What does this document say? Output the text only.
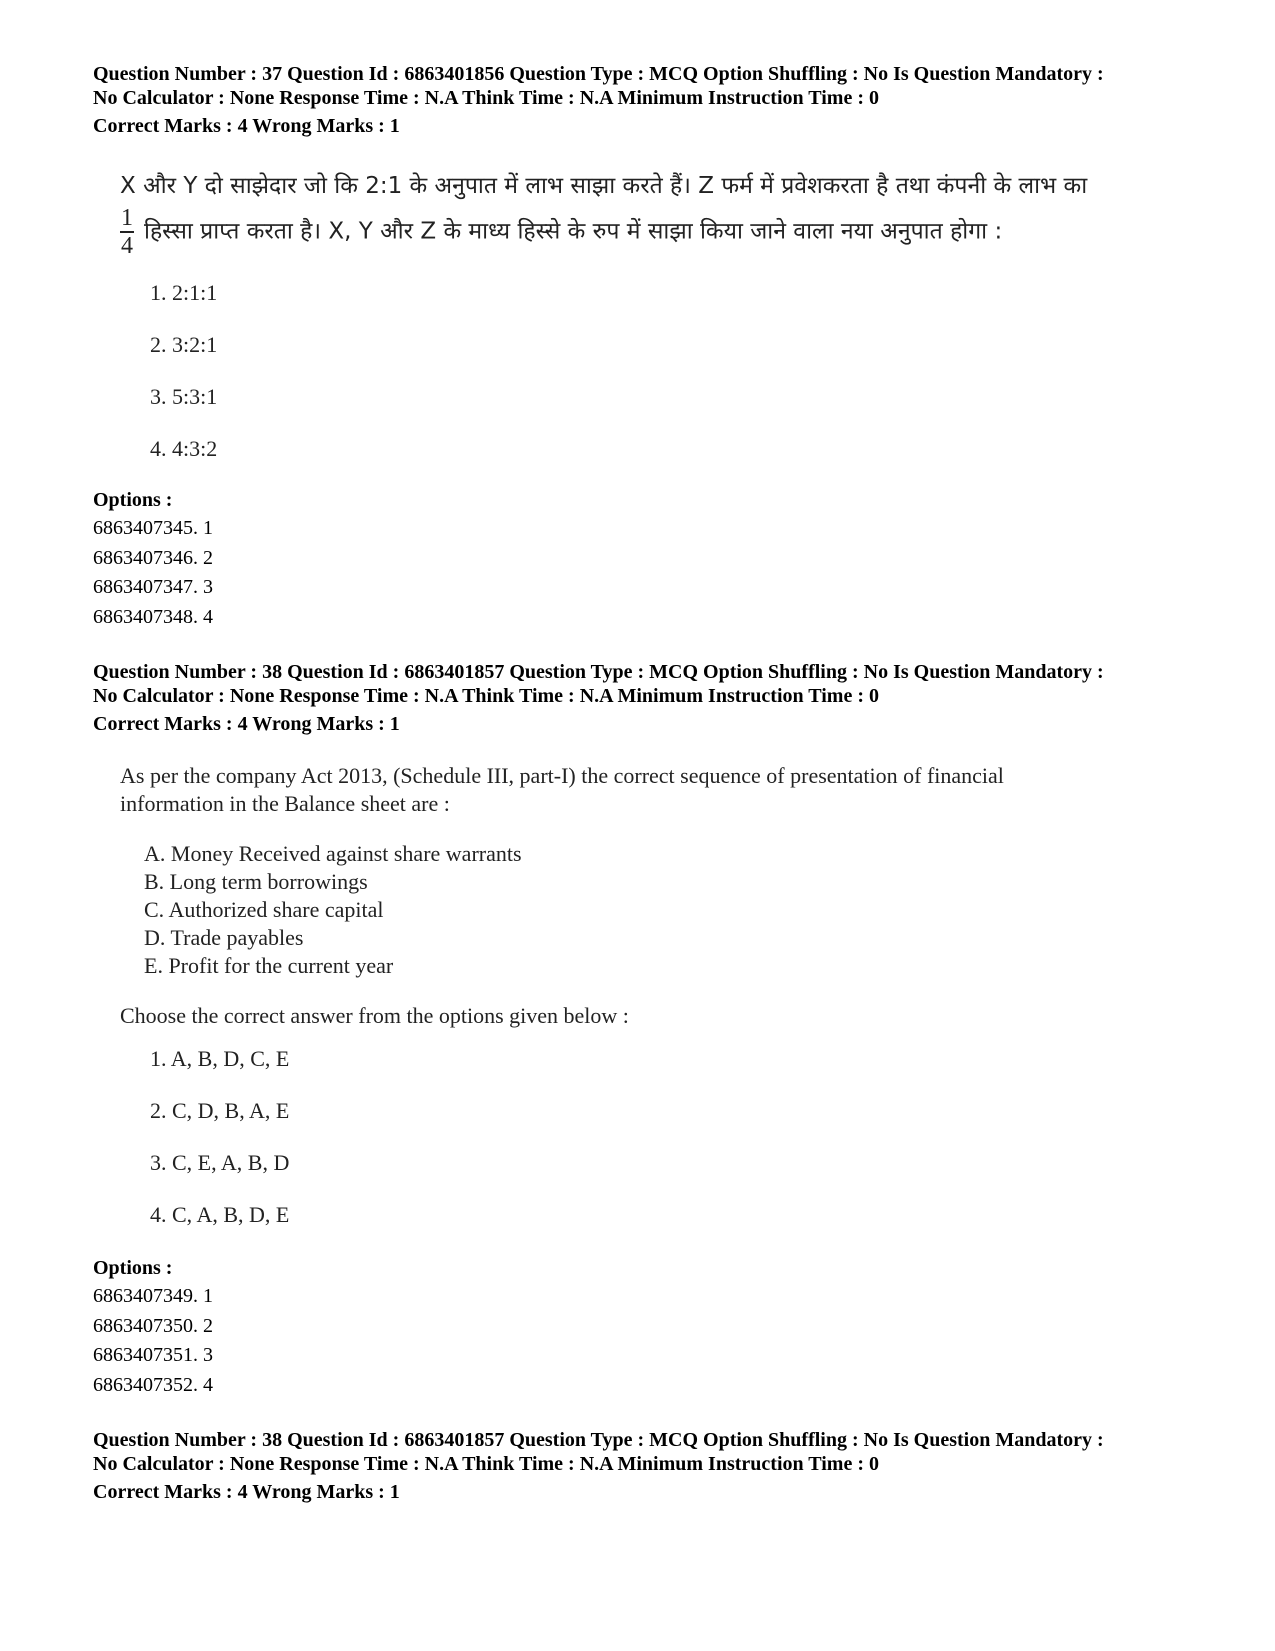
Question Number : 37 Question Id : 6863401856 Question Type : MCQ Option Shuffling : No Is Question Mandatory :
No Calculator : None Response Time : N.A Think Time : N.A Minimum Instruction Time : 0
Correct Marks : 4 Wrong Marks : 1
X और Y दो साझेदार जो कि 2:1 के अनुपात में लाभ साझा करते हैं। Z फर्म में प्रवेशकरता है तथा कंपनी के लाभ का
$\frac{1}{4}$ हिस्सा प्राप्त करता है। X, Y और Z के माध्य हिस्से के रुप में साझा किया जाने वाला नया अनुपात होगा :
1. 2:1:1
2. 3:2:1
3. 5:3:1
4. 4:3:2
Options :
6863407345. 1
6863407346. 2
6863407347. 3
6863407348. 4
Question Number : 38 Question Id : 6863401857 Question Type : MCQ Option Shuffling : No Is Question Mandatory :
No Calculator : None Response Time : N.A Think Time : N.A Minimum Instruction Time : 0
Correct Marks : 4 Wrong Marks : 1
As per the company Act 2013, (Schedule III, part-I) the correct sequence of presentation of financial
information in the Balance sheet are :
A. Money Received against share warrants
B. Long term borrowings
C. Authorized share capital
D. Trade payables
E. Profit for the current year
Choose the correct answer from the options given below :
1. A, B, D, C, E
2. C, D, B, A, E
3. C, E, A, B, D
4. C, A, B, D, E
Options :
6863407349. 1
6863407350. 2
6863407351. 3
6863407352. 4
Question Number : 38 Question Id : 6863401857 Question Type : MCQ Option Shuffling : No Is Question Mandatory :
No Calculator : None Response Time : N.A Think Time : N.A Minimum Instruction Time : 0
Correct Marks : 4 Wrong Marks : 1
